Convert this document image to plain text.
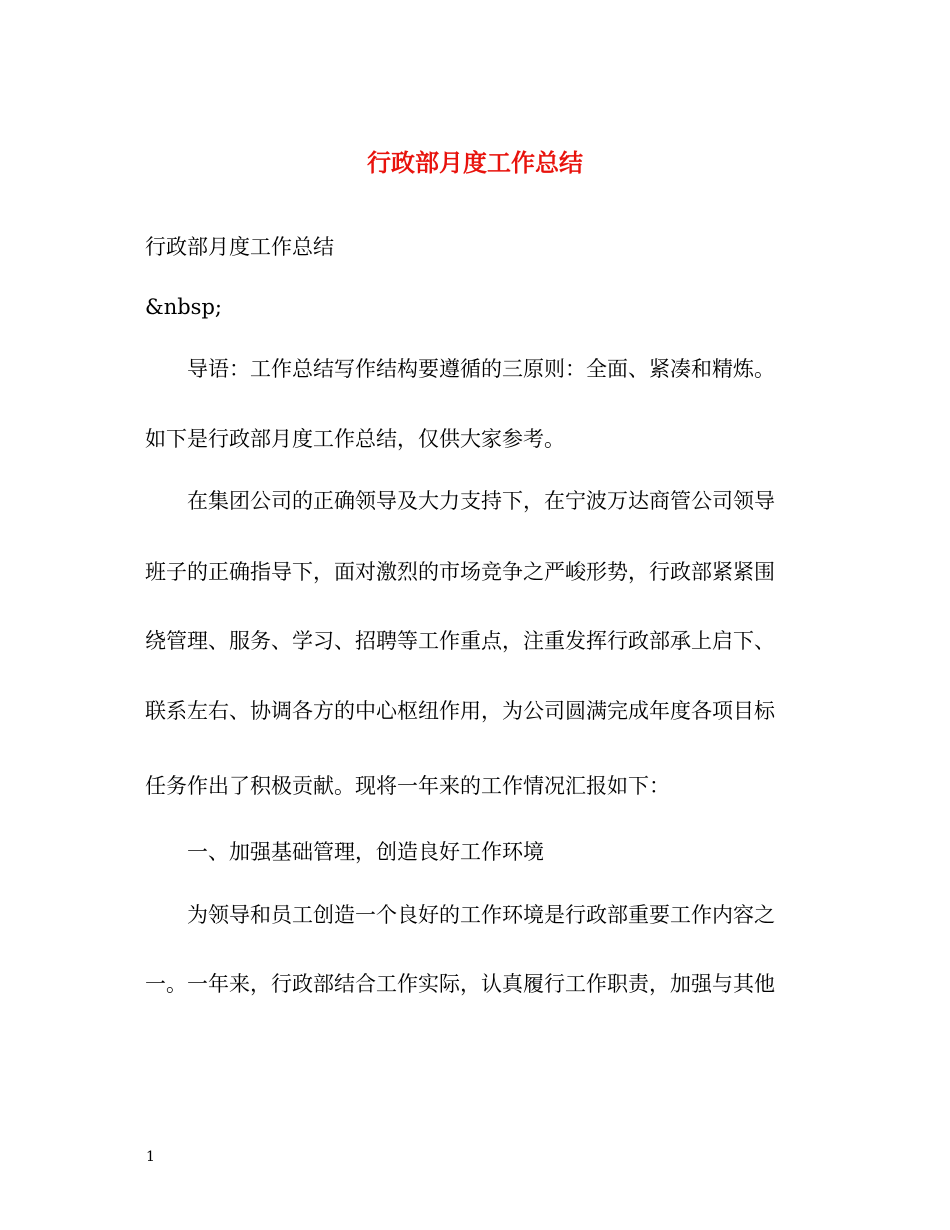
行政部月度工作总结
行政部月度工作总结
&nbsp;
导语：工作总结写作结构要遵循的三原则：全面、紧凑和精炼。
如下是行政部月度工作总结，仅供大家参考。
在集团公司的正确领导及大力支持下，在宁波万达商管公司领导
班子的正确指导下，面对激烈的市场竞争之严峻形势，行政部紧紧围
绕管理、服务、学习、招聘等工作重点，注重发挥行政部承上启下、
联系左右、协调各方的中心枢纽作用，为公司圆满完成年度各项目标
任务作出了积极贡献。现将一年来的工作情况汇报如下：
一、加强基础管理，创造良好工作环境
为领导和员工创造一个良好的工作环境是行政部重要工作内容之
一。一年来，行政部结合工作实际，认真履行工作职责，加强与其他
1
